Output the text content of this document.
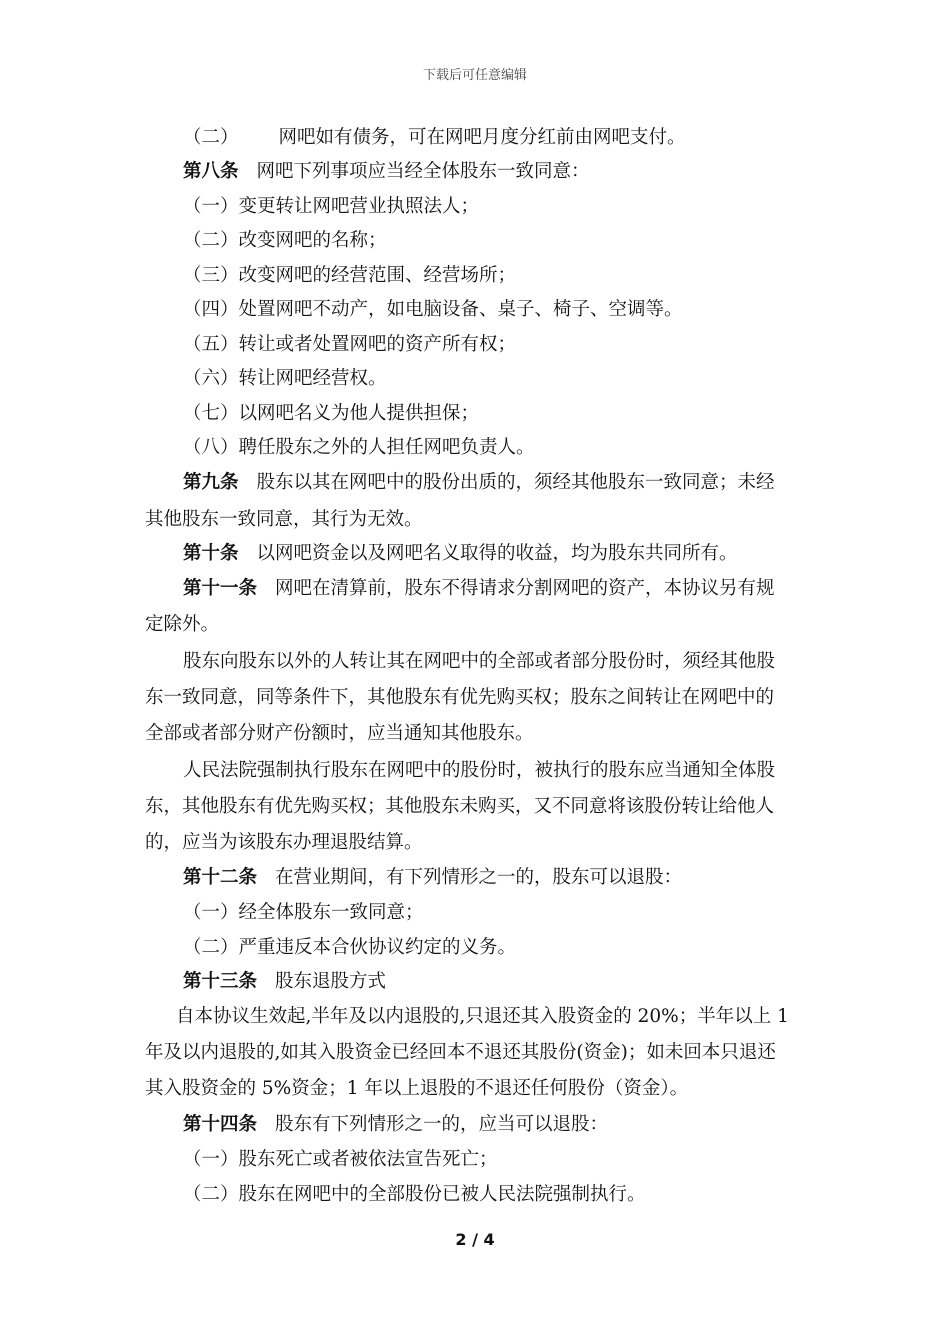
下载后可任意编辑
（二） 网吧如有债务，可在网吧月度分红前由网吧支付。
第八条 网吧下列事项应当经全体股东一致同意：
（一）变更转让网吧营业执照法人；
（二）改变网吧的名称；
（三）改变网吧的经营范围、经营场所；
（四）处置网吧不动产，如电脑设备、桌子、椅子、空调等。
（五）转让或者处置网吧的资产所有权；
（六）转让网吧经营权。
（七）以网吧名义为他人提供担保；
（八）聘任股东之外的人担任网吧负责人。
第九条 股东以其在网吧中的股份出质的，须经其他股东一致同意；未经
其他股东一致同意，其行为无效。
第十条 以网吧资金以及网吧名义取得的收益，均为股东共同所有。
第十一条 网吧在清算前，股东不得请求分割网吧的资产，本协议另有规
定除外。
股东向股东以外的人转让其在网吧中的全部或者部分股份时，须经其他股
东一致同意，同等条件下，其他股东有优先购买权；股东之间转让在网吧中的
全部或者部分财产份额时，应当通知其他股东。
人民法院强制执行股东在网吧中的股份时，被执行的股东应当通知全体股
东，其他股东有优先购买权；其他股东未购买，又不同意将该股份转让给他人
的，应当为该股东办理退股结算。
第十二条 在营业期间，有下列情形之一的，股东可以退股：
（一）经全体股东一致同意；
（二）严重违反本合伙协议约定的义务。
第十三条 股东退股方式
自本协议生效起,半年及以内退股的,只退还其入股资金的 20%；半年以上 1
年及以内退股的,如其入股资金已经回本不退还其股份(资金)；如未回本只退还
其入股资金的 5%资金；1 年以上退股的不退还任何股份（资金）。
第十四条 股东有下列情形之一的，应当可以退股：
（一）股东死亡或者被依法宣告死亡；
（二）股东在网吧中的全部股份已被人民法院强制执行。
2 / 4
